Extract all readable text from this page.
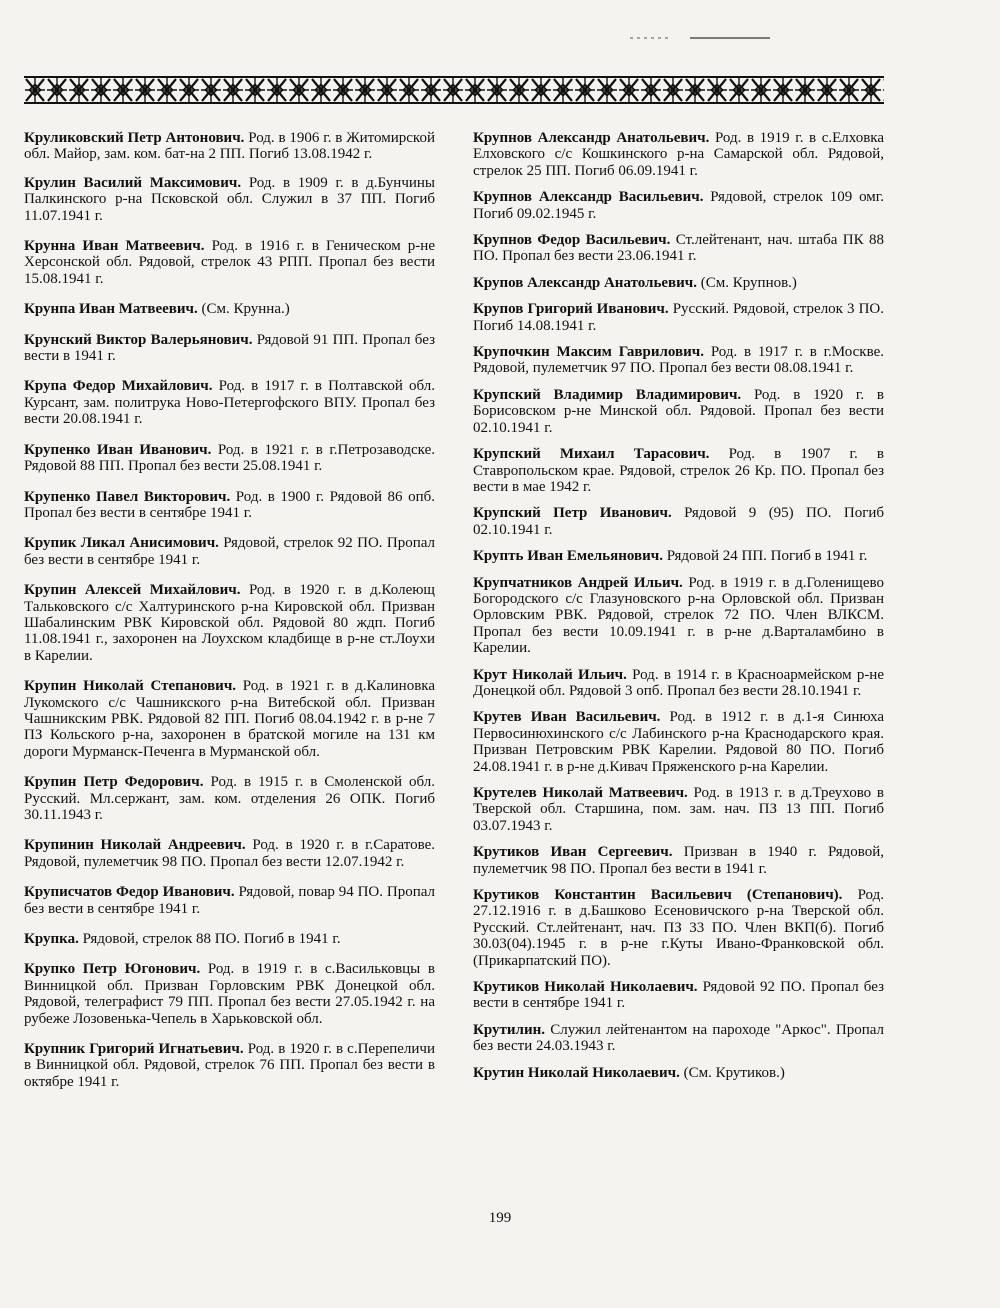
Круликовский Петр Антонович. Род. в 1906 г. в Житомирской обл. Майор, зам. ком. бат-на 2 ПП. Погиб 13.08.1942 г.

Крулин Василий Максимович. Род. в 1909 г. в д.Бунчины Палкинского р-на Псковской обл. Служил в 37 ПП. Погиб 11.07.1941 г.

Крунна Иван Матвеевич. Род. в 1916 г. в Геническом р-не Херсонской обл. Рядовой, стрелок 43 РПП. Пропал без вести 15.08.1941 г.

Крунпа Иван Матвеевич. (См. Крунна.)

Крунский Виктор Валерьянович. Рядовой 91 ПП. Пропал без вести в 1941 г.

Крупа Федор Михайлович. Род. в 1917 г. в Полтавской обл. Курсант, зам. политрука Ново-Петергофского ВПУ. Пропал без вести 20.08.1941 г.

Крупенко Иван Иванович. Род. в 1921 г. в г.Петрозаводске. Рядовой 88 ПП. Пропал без вести 25.08.1941 г.

Крупенко Павел Викторович. Род. в 1900 г. Рядовой 86 опб. Пропал без вести в сентябре 1941 г.

Крупик Ликал Анисимович. Рядовой, стрелок 92 ПО. Пропал без вести в сентябре 1941 г.

Крупин Алексей Михайлович. Род. в 1920 г. в д.Колеющ Тальковского с/с Халтуринского р-на Кировской обл. Призван Шабалинским РВК Кировской обл. Рядовой 80 ждп. Погиб 11.08.1941 г., захоронен на Лоухском кладбище в р-не ст.Лоухи в Карелии.

Крупин Николай Степанович. Род. в 1921 г. в д.Калиновка Лукомского с/с Чашникского р-на Витебской обл. Призван Чашникским РВК. Рядовой 82 ПП. Погиб 08.04.1942 г. в р-не 7 ПЗ Кольского р-на, захоронен в братской могиле на 131 км дороги Мурманск-Печенга в Мурманской обл.

Крупин Петр Федорович. Род. в 1915 г. в Смоленской обл. Русский. Мл.сержант, зам. ком. отделения 26 ОПК. Погиб 30.11.1943 г.

Крупинин Николай Андреевич. Род. в 1920 г. в г.Саратове. Рядовой, пулеметчик 98 ПО. Пропал без вести 12.07.1942 г.

Круписчатов Федор Иванович. Рядовой, повар 94 ПО. Пропал без вести в сентябре 1941 г.

Крупка. Рядовой, стрелок 88 ПО. Погиб в 1941 г.

Крупко Петр Югонович. Род. в 1919 г. в с.Васильковцы в Винницкой обл. Призван Горловским РВК Донецкой обл. Рядовой, телеграфист 79 ПП. Пропал без вести 27.05.1942 г. на рубеже Лозовенька-Чепель в Харьковской обл.

Крупник Григорий Игнатьевич. Род. в 1920 г. в с.Перепеличи в Винницкой обл. Рядовой, стрелок 76 ПП. Пропал без вести в октябре 1941 г.

Крупнов Александр Анатольевич. Род. в 1919 г. в с.Елховка Елховского с/с Кошкинского р-на Самарской обл. Рядовой, стрелок 25 ПП. Погиб 06.09.1941 г.

Крупнов Александр Васильевич. Рядовой, стрелок 109 омг. Погиб 09.02.1945 г.

Крупнов Федор Васильевич. Ст.лейтенант, нач. штаба ПК 88 ПО. Пропал без вести 23.06.1941 г.

Крупов Александр Анатольевич. (См. Крупнов.)

Крупов Григорий Иванович. Русский. Рядовой, стрелок 3 ПО. Погиб 14.08.1941 г.

Крупочкин Максим Гаврилович. Род. в 1917 г. в г.Москве. Рядовой, пулеметчик 97 ПО. Пропал без вести 08.08.1941 г.

Крупский Владимир Владимирович. Род. в 1920 г. в Борисовском р-не Минской обл. Рядовой. Пропал без вести 02.10.1941 г.

Крупский Михаил Тарасович. Род. в 1907 г. в Ставропольском крае. Рядовой, стрелок 26 Кр. ПО. Пропал без вести в мае 1942 г.

Крупский Петр Иванович. Рядовой 9 (95) ПО. Погиб 02.10.1941 г.

Крупть Иван Емельянович. Рядовой 24 ПП. Погиб в 1941 г.

Крупчатников Андрей Ильич. Род. в 1919 г. в д.Голенищево Богородского с/с Глазуновского р-на Орловской обл. Призван Орловским РВК. Рядовой, стрелок 72 ПО. Член ВЛКСМ. Пропал без вести 10.09.1941 г. в р-не д.Варталамбино в Карелии.

Крут Николай Ильич. Род. в 1914 г. в Красноармейском р-не Донецкой обл. Рядовой 3 опб. Пропал без вести 28.10.1941 г.

Крутев Иван Васильевич. Род. в 1912 г. в д.1-я Синюха Первосинюхинского с/с Лабинского р-на Краснодарского края. Призван Петровским РВК Карелии. Рядовой 80 ПО. Погиб 24.08.1941 г. в р-не д.Кивач Пряженского р-на Карелии.

Крутелев Николай Матвеевич. Род. в 1913 г. в д.Треухово в Тверской обл. Старшина, пом. зам. нач. ПЗ 13 ПП. Погиб 03.07.1943 г.

Крутиков Иван Сергеевич. Призван в 1940 г. Рядовой, пулеметчик 98 ПО. Пропал без вести в 1941 г.

Крутиков Константин Васильевич (Степанович). Род. 27.12.1916 г. в д.Башково Есеновичского р-на Тверской обл. Русский. Ст.лейтенант, нач. ПЗ 33 ПО. Член ВКП(б). Погиб 30.03(04).1945 г. в р-не г.Куты Ивано-Франковской обл. (Прикарпатский ПО).

Крутиков Николай Николаевич. Рядовой 92 ПО. Пропал без вести в сентябре 1941 г.

Крутилин. Служил лейтенантом на пароходе "Аркос". Пропал без вести 24.03.1943 г.

Крутин Николай Николаевич. (См. Крутиков.)

199
